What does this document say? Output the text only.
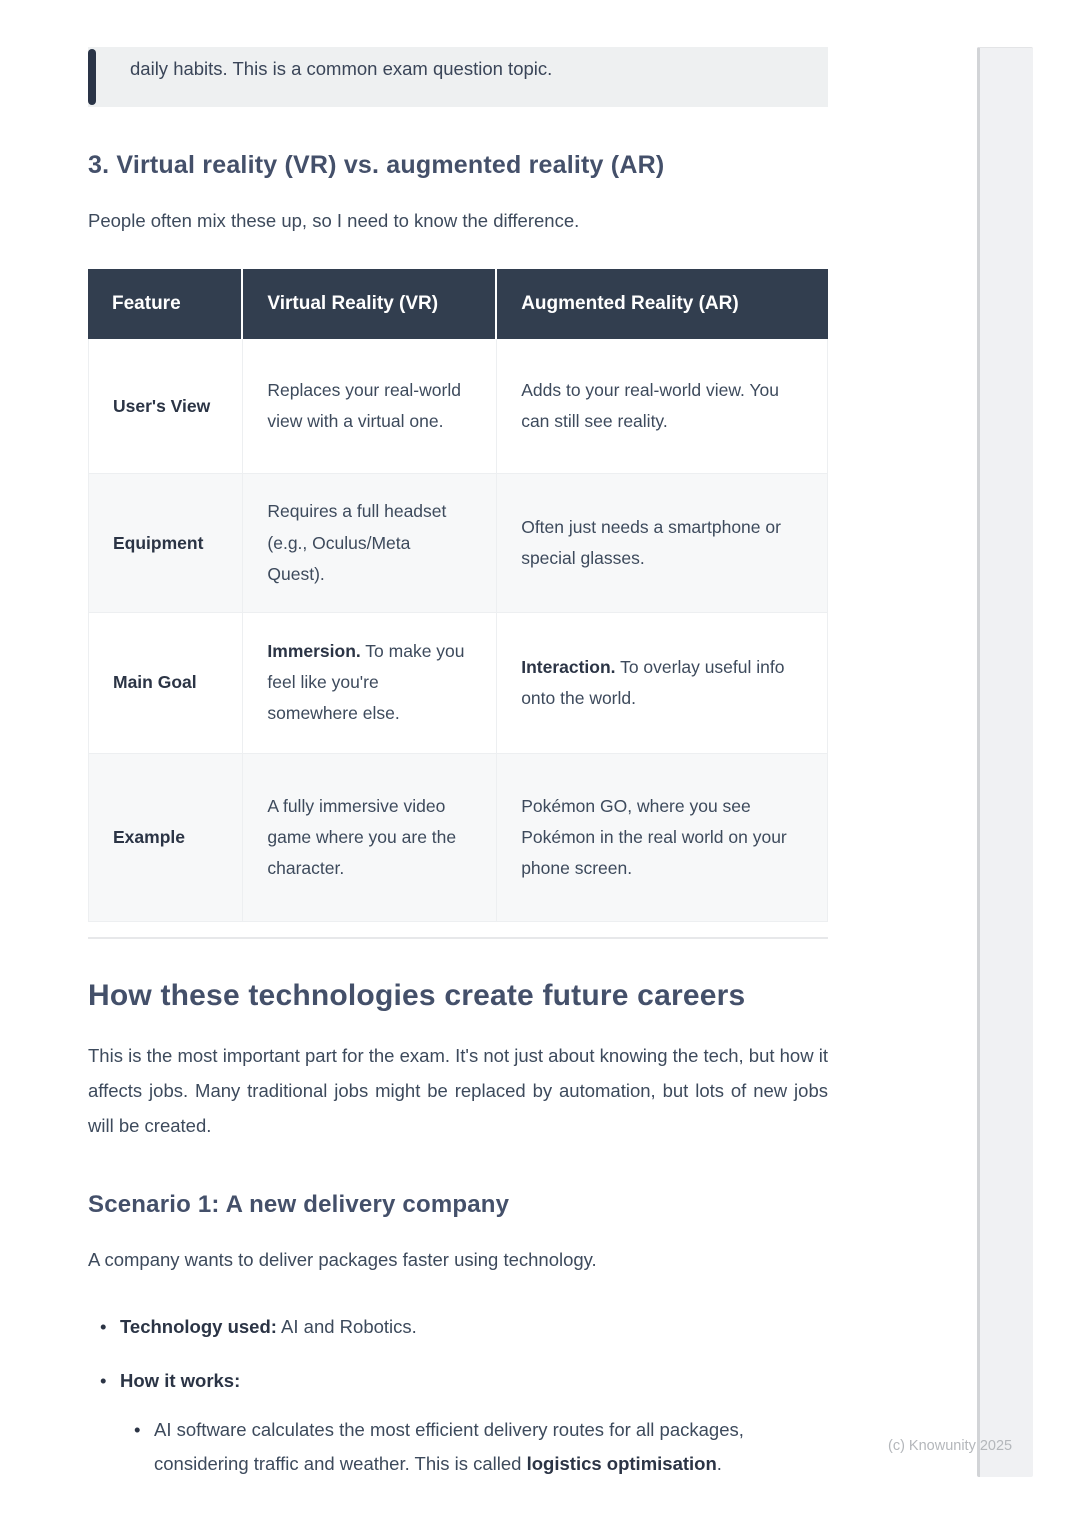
daily habits. This is a common exam question topic.
3. Virtual reality (VR) vs. augmented reality (AR)

People often mix these up, so I need to know the difference.

Feature	Virtual Reality (VR)	Augmented Reality (AR)
User's View	Replaces your real-world view with a virtual one.	Adds to your real-world view. You can still see reality.
Equipment	Requires a full headset (e.g., Oculus/Meta Quest).	Often just needs a smartphone or special glasses.
Main Goal	Immersion. To make you feel like you're somewhere else.	Interaction. To overlay useful info onto the world.
Example	A fully immersive video game where you are the character.	Pokémon GO, where you see Pokémon in the real world on your phone screen.
How these technologies create future careers

This is the most important part for the exam. It's not just about knowing the tech, but how it affects jobs. Many traditional jobs might be replaced by automation, but lots of new jobs will be created.

Scenario 1: A new delivery company

A company wants to deliver packages faster using technology.

• Technology used: AI and Robotics.
• How it works:
• AI software calculates the most efficient delivery routes for all packages, considering traffic and weather. This is called logistics optimisation.
(c) Knowunity 2025
